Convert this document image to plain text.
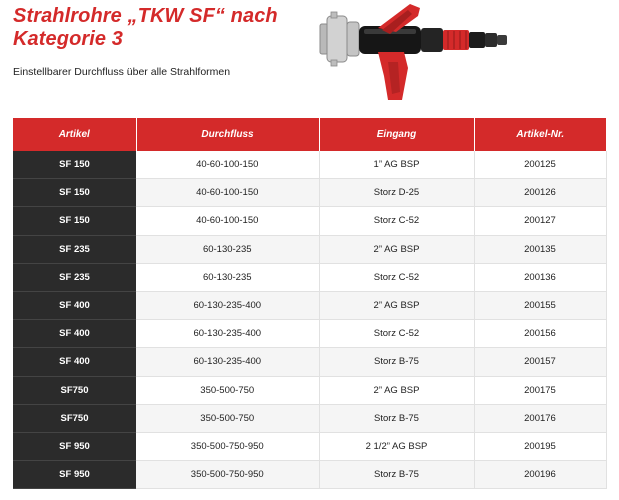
Strahlrohre „TKW SF“ nach
Kategorie 3

Einstellbarer Durchfluss über alle Strahlformen

Artikel	Durchfluss	Eingang	Artikel-Nr.
SF 150	40-60-100-150	1” AG BSP	200125
SF 150	40-60-100-150	Storz D-25	200126
SF 150	40-60-100-150	Storz C-52	200127
SF 235	60-130-235	2” AG BSP	200135
SF 235	60-130-235	Storz C-52	200136
SF 400	60-130-235-400	2” AG BSP	200155
SF 400	60-130-235-400	Storz C-52	200156
SF 400	60-130-235-400	Storz B-75	200157
SF750	350-500-750	2” AG BSP	200175
SF750	350-500-750	Storz B-75	200176
SF 950	350-500-750-950	2 1/2” AG BSP	200195
SF 950	350-500-750-950	Storz B-75	200196
